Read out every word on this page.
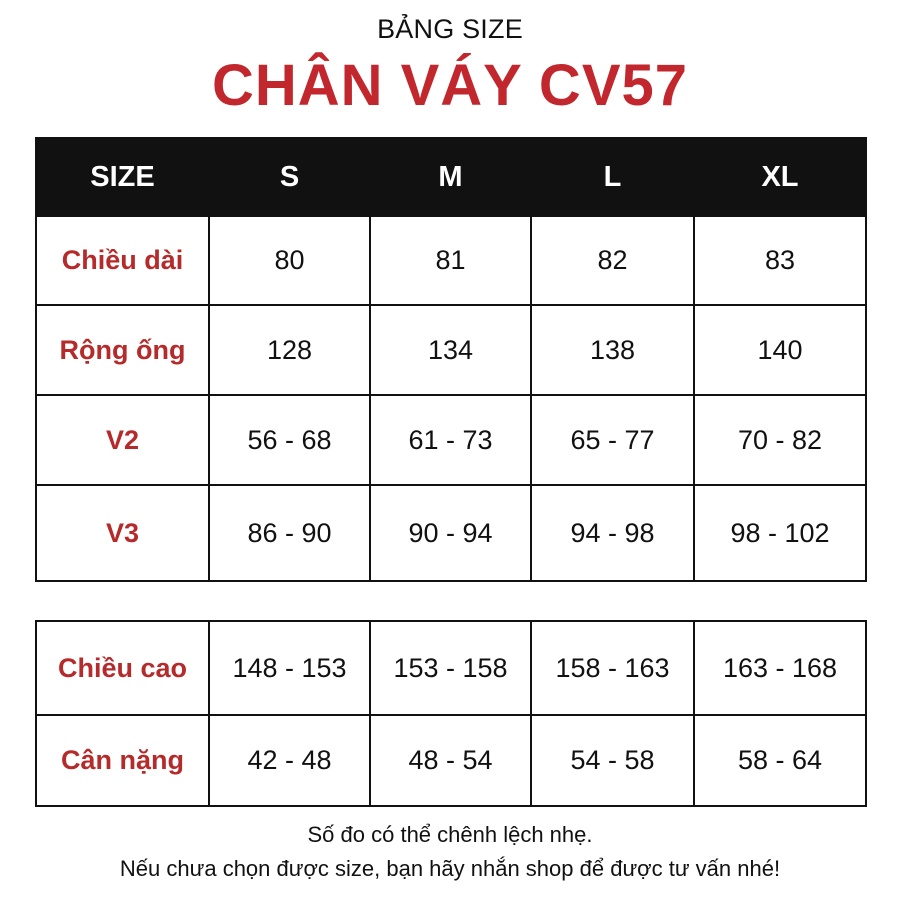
BẢNG SIZE
CHÂN VÁY CV57
SIZE	S	M	L	XL
Chiều dài	80	81	82	83
Rộng ống	128	134	138	140
V2	56 - 68	61 - 73	65 - 77	70 - 82
V3	86 - 90	90 - 94	94 - 98	98 - 102
Chiều cao	148 - 153	153 - 158	158 - 163	163 - 168
Cân nặng	42 - 48	48 - 54	54 - 58	58 - 64
Số đo có thể chênh lệch nhẹ.
Nếu chưa chọn được size, bạn hãy nhắn shop để được tư vấn nhé!
